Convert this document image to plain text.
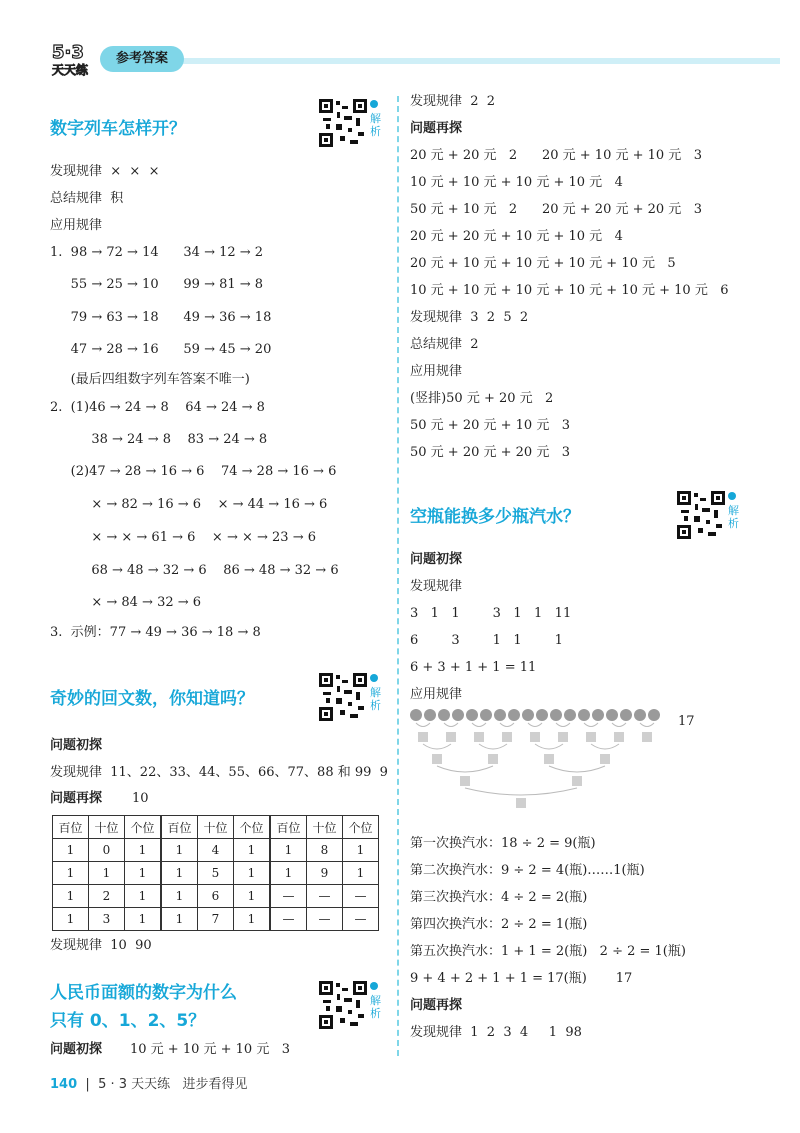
5·3
天天练
参考答案
数字列车怎样开？
解析
发现规律  ×  ×  ×
总结规律  积
应用规律
1.  98 → 72 → 14      34 → 12 → 2
55 → 25 → 10      99 → 81 → 8
79 → 63 → 18      49 → 36 → 18
47 → 28 → 16      59 → 45 → 20
(最后四组数字列车答案不唯一)
2.  (1)46 → 24 → 8    64 → 24 → 8
38 → 24 → 8    83 → 24 → 8
(2)47 → 28 → 16 → 6    74 → 28 → 16 → 6
× → 82 → 16 → 6    × → 44 → 16 → 6
× → × → 61 → 6    × → × → 23 → 6
68 → 48 → 32 → 6    86 → 48 → 32 → 6
× → 84 → 32 → 6
3.  示例：77 → 49 → 36 → 18 → 8
奇妙的回文数，你知道吗？	解析
问题初探
发现规律  11、22、33、44、55、66、77、88 和 99  9
问题再探 10
百位	十位	个位	百位	十位	个位	百位	十位	个位
1	0	1	1	4	1	1	8	1
1	1	1	1	5	1	1	9	1
1	2	1	1	6	1	—	—	—
1	3	1	1	7	1	—	—	—
发现规律  10  90
人民币面额的数字为什么
只有 0、1、2、5？
解析
问题初探 10 元 + 10 元 + 10 元   3
发现规律  2  2
问题再探
20 元 + 20 元   2      20 元 + 10 元 + 10 元   3
10 元 + 10 元 + 10 元 + 10 元   4
50 元 + 10 元   2      20 元 + 20 元 + 20 元   3
20 元 + 20 元 + 10 元 + 10 元   4
20 元 + 10 元 + 10 元 + 10 元 + 10 元   5
10 元 + 10 元 + 10 元 + 10 元 + 10 元 + 10 元   6
发现规律  3  2  5  2
总结规律  2
应用规律
(竖排)50 元 + 20 元   2
50 元 + 20 元 + 10 元   3
50 元 + 20 元 + 20 元   3
空瓶能换多少瓶汽水？	解析
问题初探
发现规律
3   1   1        3   1   1   11
6        3        1   1        1
6 + 3 + 1 + 1 = 11
应用规律
17
第一次换汽水：18 ÷ 2 = 9(瓶)
第二次换汽水：9 ÷ 2 = 4(瓶)……1(瓶)
第三次换汽水：4 ÷ 2 = 2(瓶)
第四次换汽水：2 ÷ 2 = 1(瓶)
第五次换汽水：1 + 1 = 2(瓶)   2 ÷ 2 = 1(瓶)
9 + 4 + 2 + 1 + 1 = 17(瓶)       17
问题再探
发现规律  1  2  3  4     1  98
140  |  5 · 3 天天练 进步看得见
